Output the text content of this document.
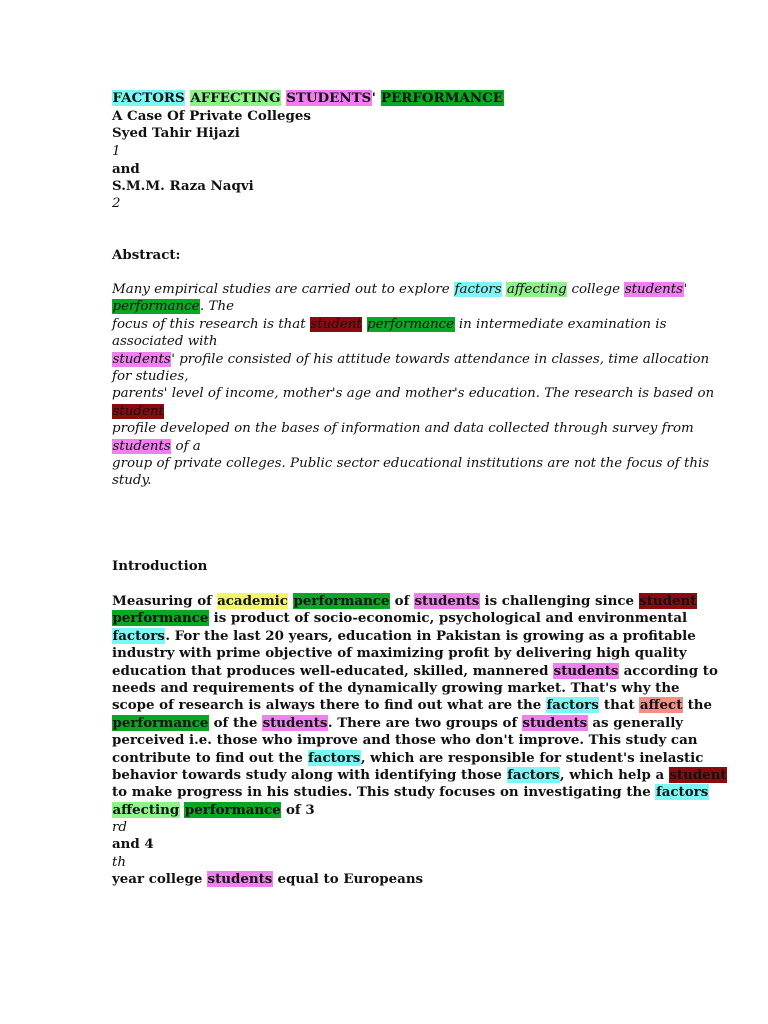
FACTORS AFFECTING STUDENTS' PERFORMANCE
A Case Of Private Colleges
Syed Tahir Hijazi
1
and
S.M.M. Raza Naqvi
2
Abstract:
Many empirical studies are carried out to explore factors affecting college students'
performance. The
focus of this research is that student performance in intermediate examination is
associated with
students' profile consisted of his attitude towards attendance in classes, time allocation
for studies,
parents' level of income, mother's age and mother's education. The research is based on
student
profile developed on the bases of information and data collected through survey from
students of a
group of private colleges. Public sector educational institutions are not the focus of this
study.
Introduction
Measuring of academic performance of students is challenging since student
performance is product of socio-economic, psychological and environmental
factors. For the last 20 years, education in Pakistan is growing as a profitable
industry with prime objective of maximizing profit by delivering high quality
education that produces well-educated, skilled, mannered students according to
needs and requirements of the dynamically growing market. That's why the
scope of research is always there to find out what are the factors that affect the
performance of the students. There are two groups of students as generally
perceived i.e. those who improve and those who don't improve. This study can
contribute to find out the factors, which are responsible for student's inelastic
behavior towards study along with identifying those factors, which help a student
to make progress in his studies. This study focuses on investigating the factors
affecting performance of 3
rd
and 4
th
year college students equal to Europeans
